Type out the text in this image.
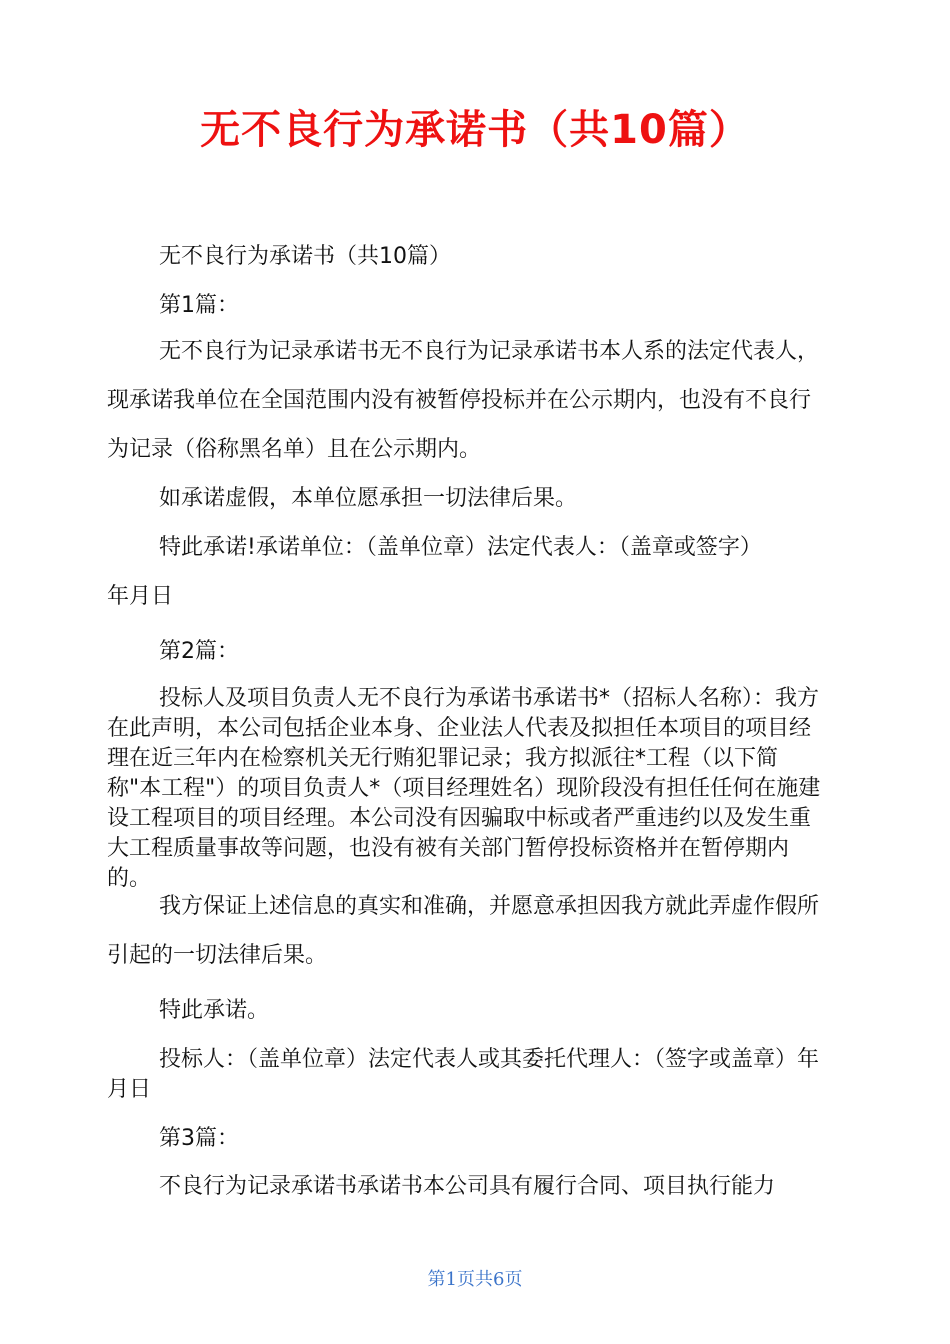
无不良行为承诺书（共10篇）

无不良行为承诺书（共10篇）

第1篇：

无不良行为记录承诺书无不良行为记录承诺书本人系的法定代表人，现承诺我单位在全国范围内没有被暂停投标并在公示期内，也没有不良行为记录（俗称黑名单）且在公示期内。

如承诺虚假，本单位愿承担一切法律后果。

特此承诺!承诺单位：（盖单位章）法定代表人：（盖章或签字）

年月日

第2篇：

投标人及项目负责人无不良行为承诺书承诺书*（招标人名称）：我方在此声明，本公司包括企业本身、企业法人代表及拟担任本项目的项目经理在近三年内在检察机关无行贿犯罪记录；我方拟派往*工程（以下简称"本工程"）的项目负责人*（项目经理姓名）现阶段没有担任任何在施建设工程项目的项目经理。本公司没有因骗取中标或者严重违约以及发生重大工程质量事故等问题，也没有被有关部门暂停投标资格并在暂停期内的。

我方保证上述信息的真实和准确，并愿意承担因我方就此弄虚作假所引起的一切法律后果。

特此承诺。

投标人：（盖单位章）法定代表人或其委托代理人：（签字或盖章）年月日

第3篇：

不良行为记录承诺书承诺书本公司具有履行合同、项目执行能力

第1页共6页
